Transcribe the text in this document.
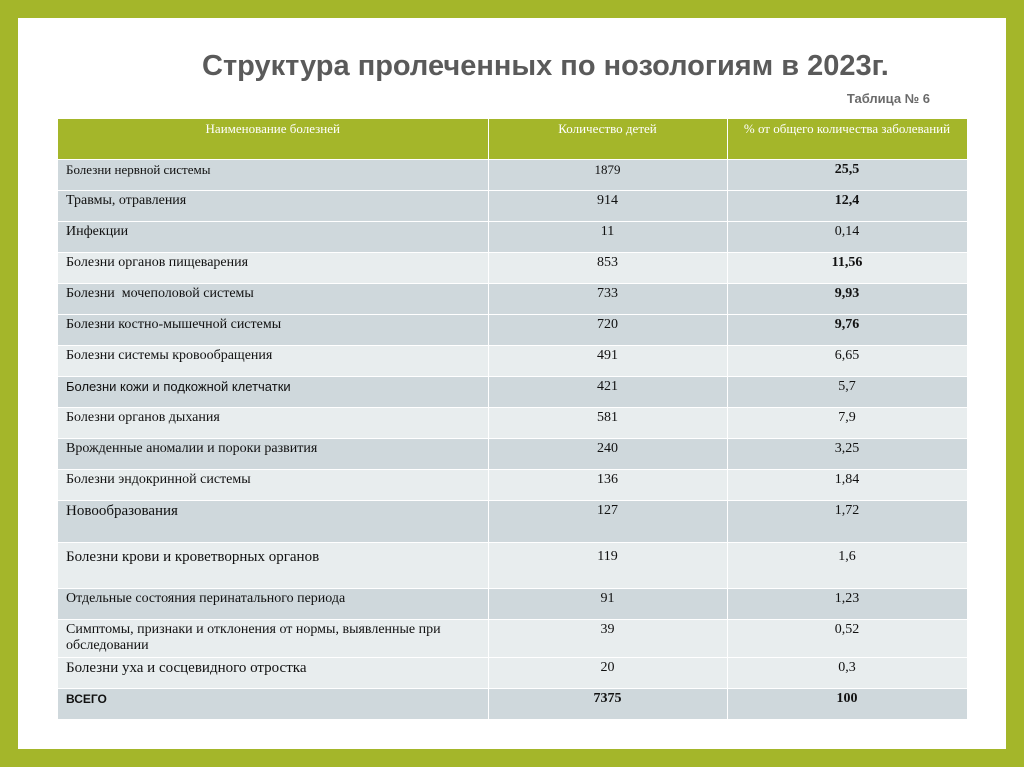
Структура пролеченных по нозологиям в 2023г.
Таблица № 6
Наименование болезней	Количество детей	% от общего количества заболеваний
Болезни нервной системы	1879	25,5
Травмы, отравления	914	12,4
Инфекции	11	0,14
Болезни органов пищеварения	853	11,56
Болезни  мочеполовой системы	733	9,93
Болезни костно-мышечной системы	720	9,76
Болезни системы кровообращения	491	6,65
Болезни кожи и подкожной клетчатки	421	5,7
Болезни органов дыхания	581	7,9
Врожденные аномалии и пороки развития	240	3,25
Болезни эндокринной системы	136	1,84
Новообразования	127	1,72
Болезни крови и кроветворных органов	119	1,6
Отдельные состояния перинатального периода	91	1,23
Симптомы, признаки и отклонения от нормы, выявленные при обследовании	39	0,52
Болезни уха и сосцевидного отростка	20	0,3
ВСЕГО	7375	100
